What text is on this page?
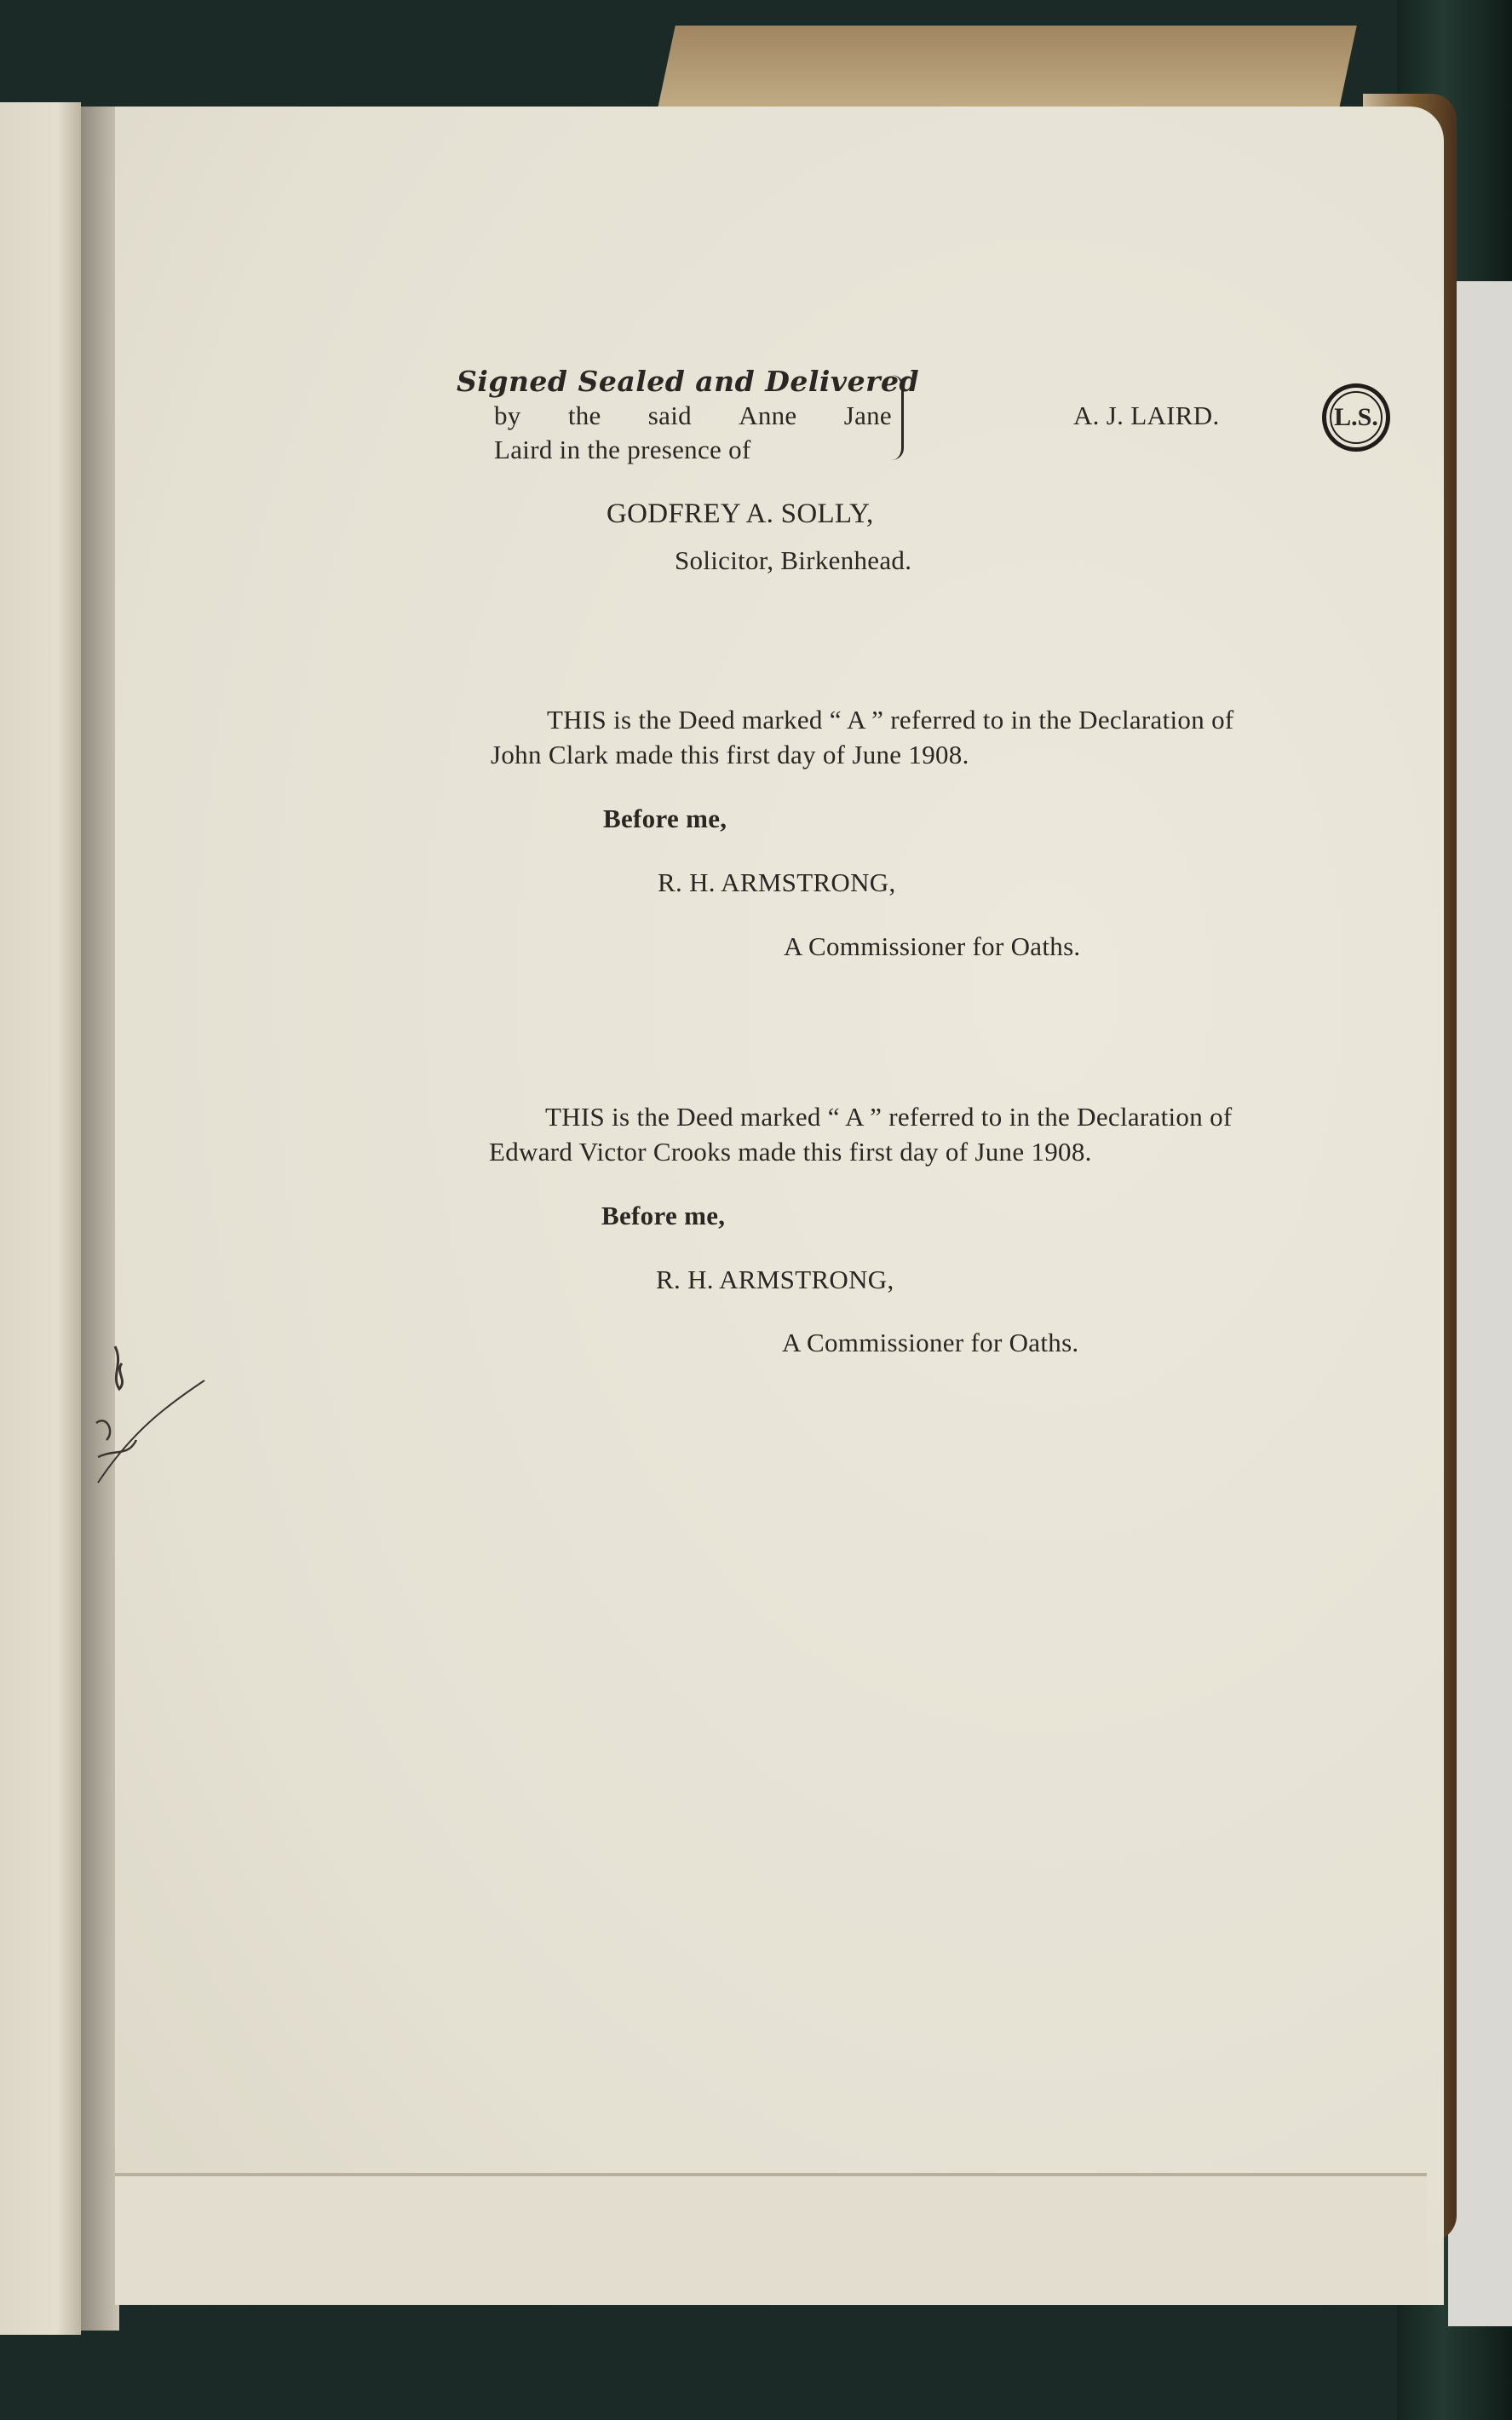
Signed Sealed and Delivered
by the said Anne Jane
Laird in the presence of
A. J. LAIRD.	L.S.
GODFREY A. SOLLY,
Solicitor, Birkenhead.
THIS is the Deed marked “ A ” referred to in the Declaration of
John Clark made this first day of June 1908.
Before me,
R. H. ARMSTRONG,
A Commissioner for Oaths.
THIS is the Deed marked “ A ” referred to in the Declaration of
Edward Victor Crooks made this first day of June 1908.
Before me,
R. H. ARMSTRONG,
A Commissioner for Oaths.
